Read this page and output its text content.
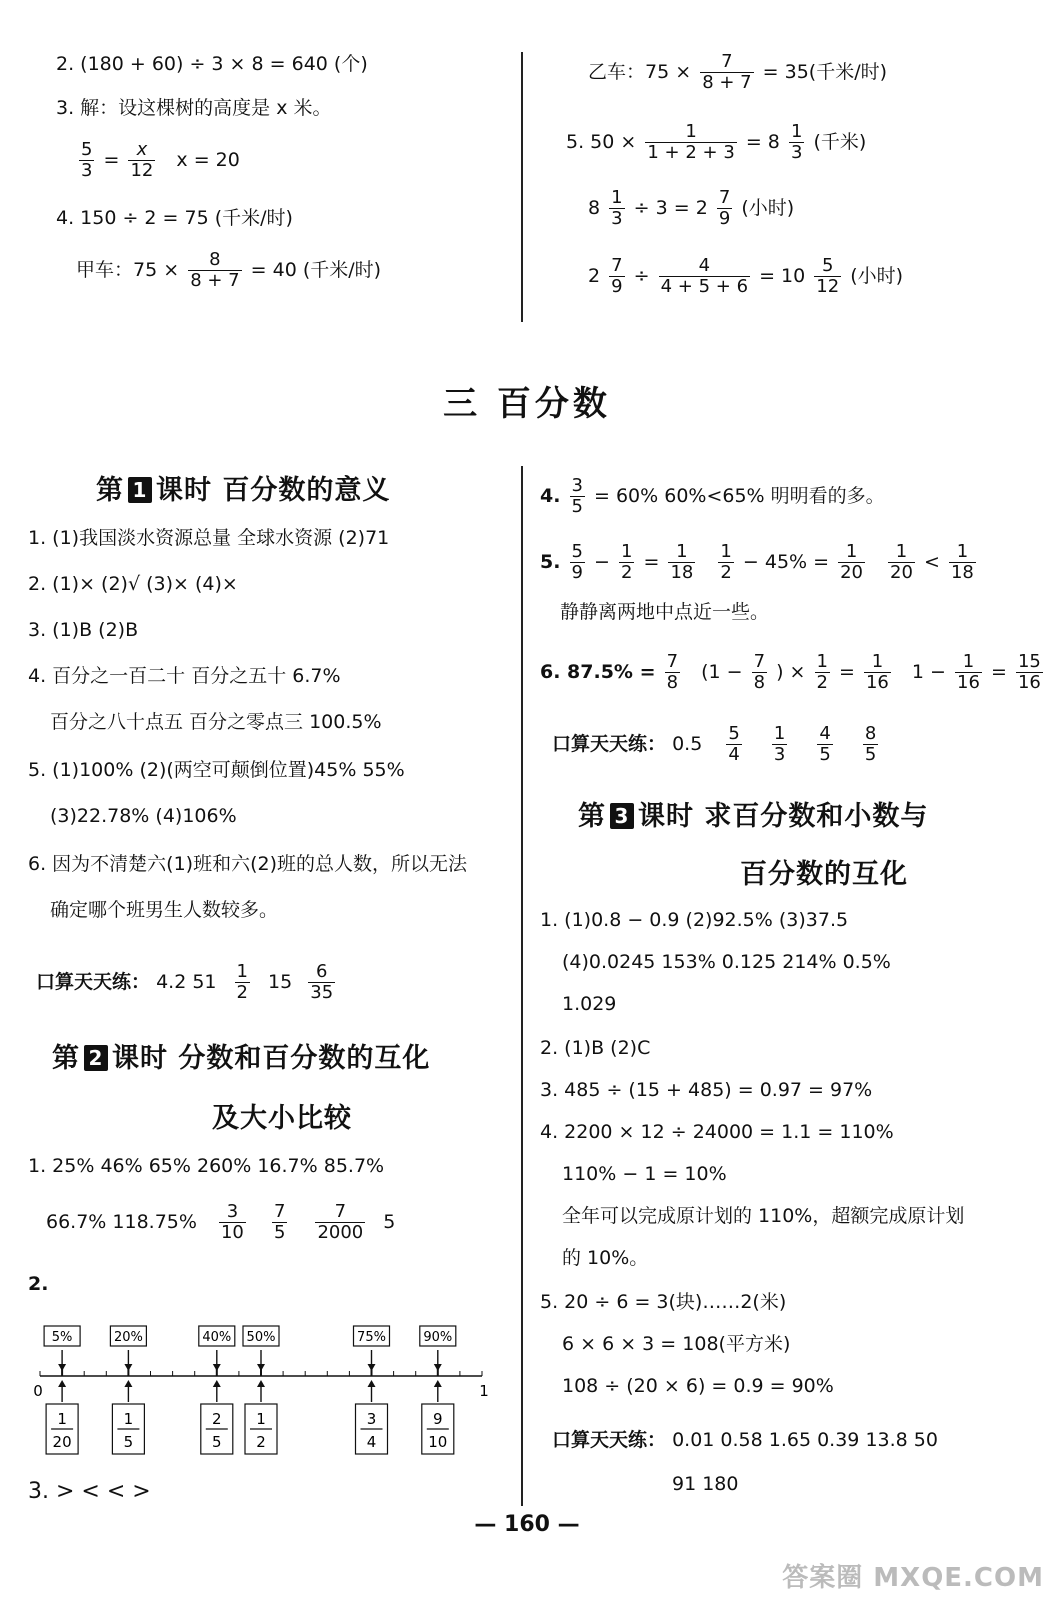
2. (180 + 60) ÷ 3 × 8 = 640 (个)
3. 解：设这棵树的高度是 x 米。
$\frac{5}{3} = \frac{x}{12}$ x = 20
4. 150 ÷ 2 = 75 (千米/时)
甲车：$75 \times \frac{8}{8 + 7} = 40$ (千米/时)
乙车：$75 \times \frac{7}{8 + 7} = 35$(千米/时)
5. $50 \times \frac{1}{1 + 2 + 3} = 8 \frac{1}{3}$ (千米)
$8 \frac{1}{3} \div 3 = 2 \frac{7}{9}$ (小时)
$2 \frac{7}{9} \div \frac{4}{4 + 5 + 6} = 10 \frac{5}{12}$ (小时)
三 百分数
第 1 课时 百分数的意义
1. (1)我国淡水资源总量 全球水资源 (2)71
2. (1)× (2)√ (3)× (4)×
3. (1)B (2)B
4. 百分之一百二十 百分之五十 6.7%
百分之八十点五 百分之零点三 100.5%
5. (1)100% (2)(两空可颠倒位置)45% 55%
(3)22.78% (4)106%
6. 因为不清楚六(1)班和六(2)班的总人数，所以无法
确定哪个班男生人数较多。
口算天天练： 4.2 $51 \frac{1}{2} 15 \frac{6}{35}$
第 2 课时 分数和百分数的互化
及大小比较
1. 25% 46% 65% 260% 16.7% 85.7%
66.7% $118.75\% \frac{3}{10}$
$\frac{7}{5}$
$\frac{7}{2000} 5$
2.
0	1
5%
1
20
20%
1
5
40%
2
5
50%
1
2
75%
3
4
90%
9
10
3. > < < >
4. $\frac{3}{5} = 60\%$ 60%<65% 明明看的多。
5. $\frac{5}{9} - \frac{1}{2} = \frac{1}{18}$
$\frac{1}{2} - 45\% = \frac{1}{20}$
$\frac{1}{20} < \frac{1}{18}$
静静离两地中点近一些。
6. $87.5\% = \frac{7}{8} (1 - \frac{7}{8}$ ) × $\frac{1}{2} = \frac{1}{16} 1 - \frac{1}{16} = \frac{15}{16}$
口算天天练： $0.5 \frac{5}{4}$
$\frac{1}{3}$
$\frac{4}{5}$
$\frac{8}{5}$
第 3 课时 求百分数和小数与
百分数的互化
1. (1)0.8 − 0.9 (2)92.5% (3)37.5
(4)0.0245 153% 0.125 214% 0.5%
1.029
2. (1)B (2)C
3. 485 ÷ (15 + 485) = 0.97 = 97%
4. 2200 × 12 ÷ 24000 = 1.1 = 110%
110% − 1 = 10%
全年可以完成原计划的 110%，超额完成原计划
的 10%。
5. 20 ÷ 6 = 3(块)……2(米)
6 × 6 × 3 = 108(平方米)
108 ÷ (20 × 6) = 0.9 = 90%
口算天天练： 0.01 0.58 1.65 0.39 13.8 50
91 180
— 160 —
答案圈 MXQE.COM
